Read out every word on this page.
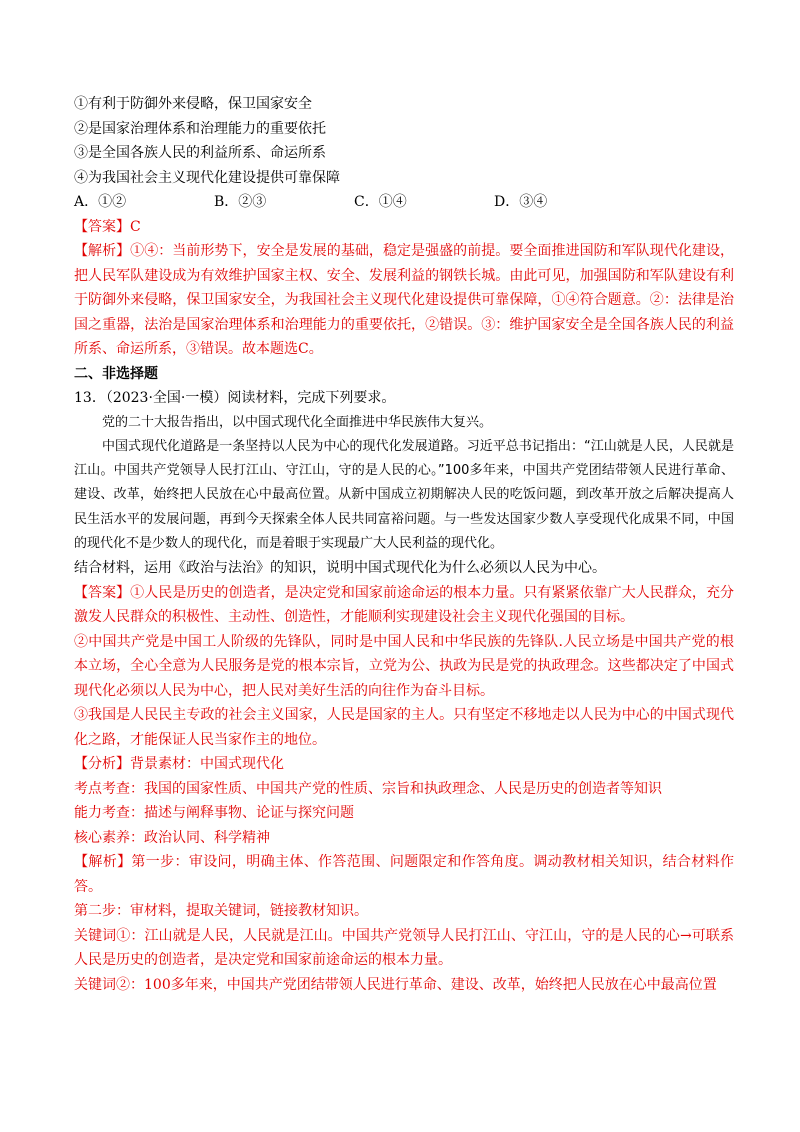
①有利于防御外来侵略，保卫国家安全
②是国家治理体系和治理能力的重要依托
③是全国各族人民的利益所系、命运所系
④为我国社会主义现代化建设提供可靠保障
A．①②	B．②③	C．①④	D．③④
【答案】C
【解析】①④：当前形势下，安全是发展的基础，稳定是强盛的前提。要全面推进国防和军队现代化建设，把人民军队建设成为有效维护国家主权、安全、发展利益的钢铁长城。由此可见，加强国防和军队建设有利于防御外来侵略，保卫国家安全，为我国社会主义现代化建设提供可靠保障，①④符合题意。②：法律是治国之重器，法治是国家治理体系和治理能力的重要依托，②错误。③：维护国家安全是全国各族人民的利益所系、命运所系，③错误。故本题选C。
二、非选择题
13．（2023·全国·一模）阅读材料，完成下列要求。
党的二十大报告指出，以中国式现代化全面推进中华民族伟大复兴。
中国式现代化道路是一条坚持以人民为中心的现代化发展道路。习近平总书记指出：“江山就是人民，人民就是江山。中国共产党领导人民打江山、守江山，守的是人民的心。”100多年来，中国共产党团结带领人民进行革命、建设、改革，始终把人民放在心中最高位置。从新中国成立初期解决人民的吃饭问题，到改革开放之后解决提高人民生活水平的发展问题，再到今天探索全体人民共同富裕问题。与一些发达国家少数人享受现代化成果不同，中国的现代化不是少数人的现代化，而是着眼于实现最广大人民利益的现代化。
结合材料，运用《政治与法治》的知识，说明中国式现代化为什么必须以人民为中心。
【答案】①人民是历史的创造者，是决定党和国家前途命运的根本力量。只有紧紧依靠广大人民群众，充分激发人民群众的积极性、主动性、创造性，才能顺利实现建设社会主义现代化强国的目标。
②中国共产党是中国工人阶级的先锋队，同时是中国人民和中华民族的先锋队.人民立场是中国共产党的根本立场，全心全意为人民服务是党的根本宗旨，立党为公、执政为民是党的执政理念。这些都决定了中国式现代化必须以人民为中心，把人民对美好生活的向往作为奋斗目标。
③我国是人民民主专政的社会主义国家，人民是国家的主人。只有坚定不移地走以人民为中心的中国式现代化之路，才能保证人民当家作主的地位。
【分析】背景素材：中国式现代化
考点考查：我国的国家性质、中国共产党的性质、宗旨和执政理念、人民是历史的创造者等知识
能力考查：描述与阐释事物、论证与探究问题
核心素养：政治认同、科学精神
【解析】第一步：审设问，明确主体、作答范围、问题限定和作答角度。调动教材相关知识，结合材料作答。
第二步：审材料，提取关键词，链接教材知识。
关键词①：江山就是人民，人民就是江山。中国共产党领导人民打江山、守江山，守的是人民的心→可联系人民是历史的创造者，是决定党和国家前途命运的根本力量。
关键词②：100多年来，中国共产党团结带领人民进行革命、建设、改革，始终把人民放在心中最高位置
